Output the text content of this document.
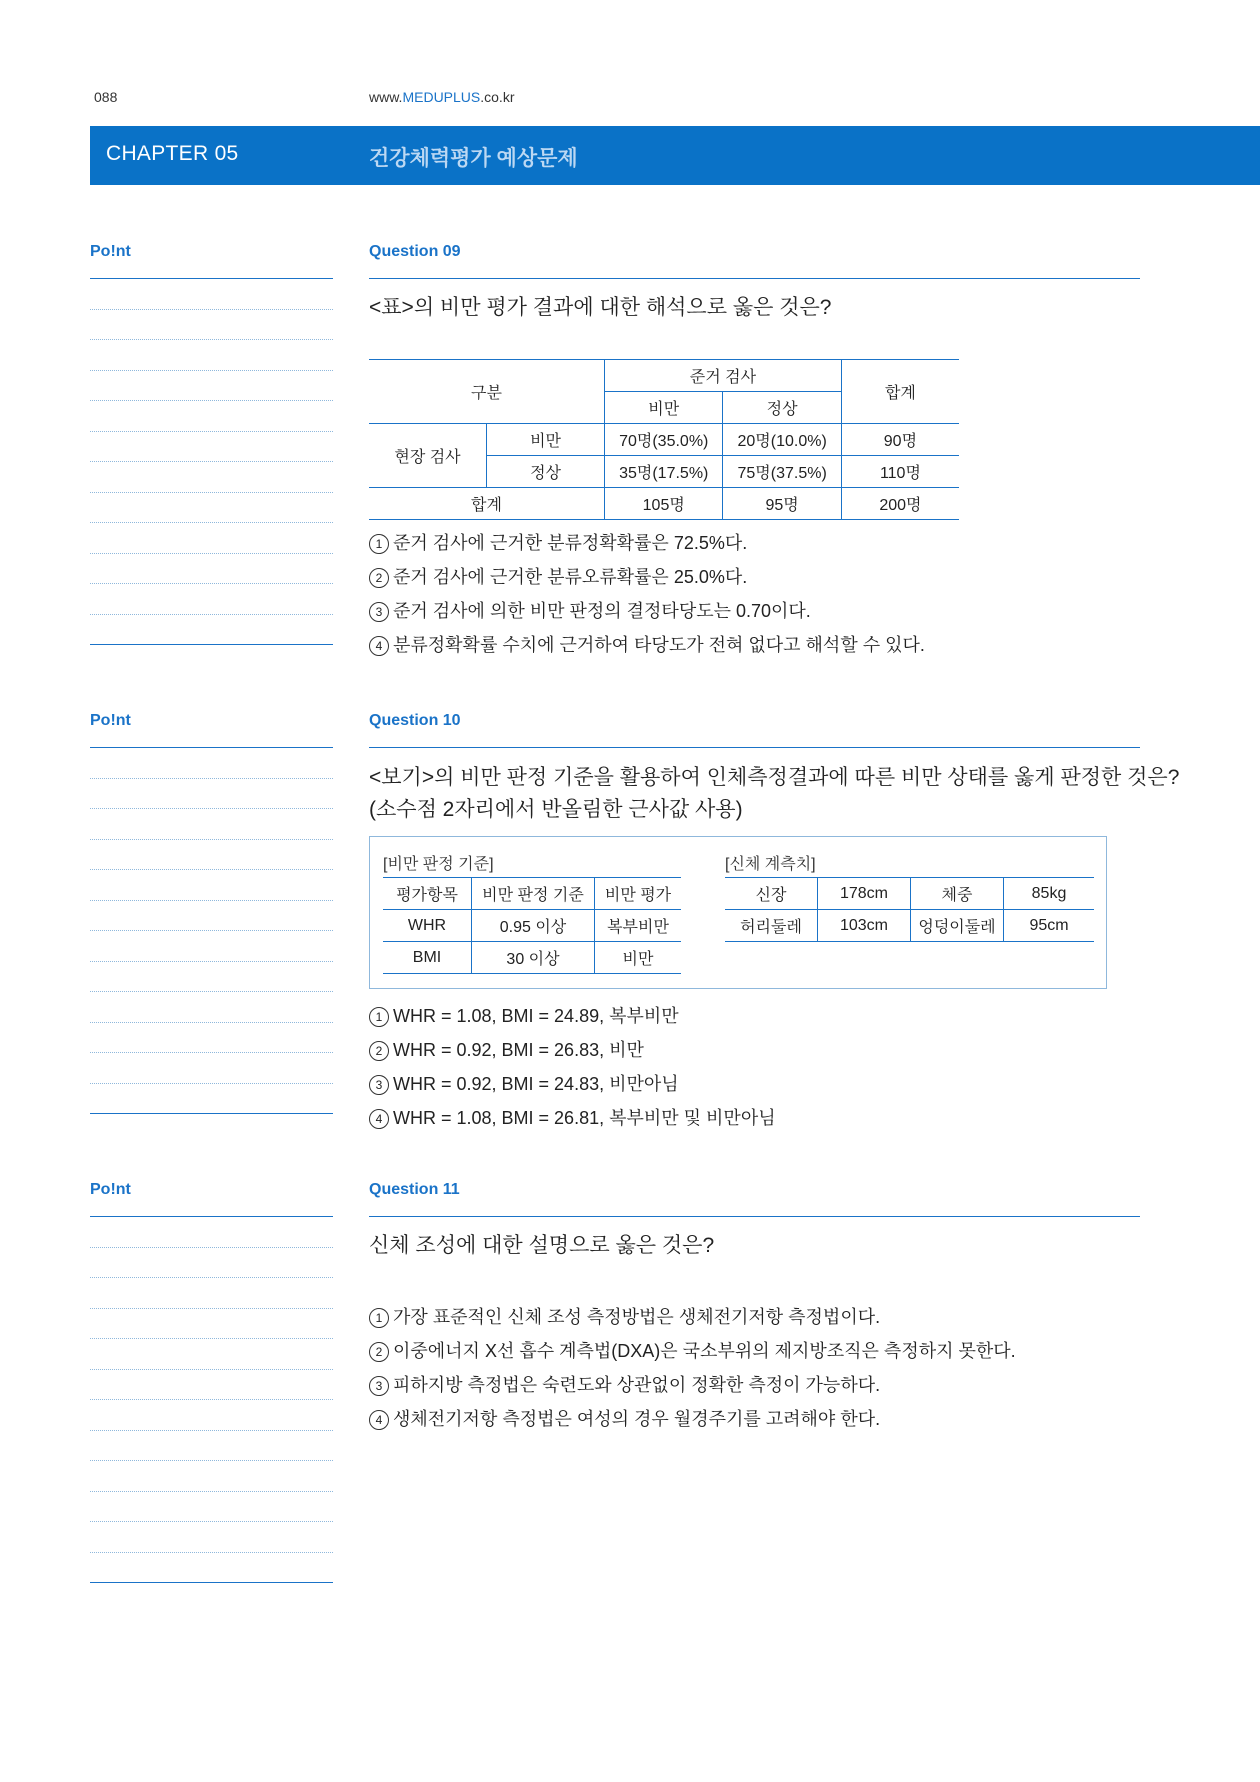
088	www.MEDUPLUS.co.kr
CHAPTER 05	건강체력평가 예상문제
Po!nt	Question 09
<표>의 비만 평가 결과에 대한 해석으로 옳은 것은?
구분		준거 검사		합계
		비만	정상	
현장 검사	비만	70명(35.0%)	20명(10.0%)	90명
	정상	35명(17.5%)	75명(37.5%)	110명
합계		105명	95명	200명
1 준거 검사에 근거한 분류정확확률은 72.5%다.
2 준거 검사에 근거한 분류오류확률은 25.0%다.
3 준거 검사에 의한 비만 판정의 결정타당도는 0.70이다.
4 분류정확확률 수치에 근거하여 타당도가 전혀 없다고 해석할 수 있다.
Po!nt	Question 10
<보기>의 비만 판정 기준을 활용하여 인체측정결과에 따른 비만 상태를 옳게 판정한 것은?
(소수점 2자리에서 반올림한 근사값 사용)
[비만 판정 기준]
평가항목	비만 판정 기준	비만 평가
WHR	0.95 이상	복부비만
BMI	30 이상	비만
[신체 계측치]
신장	178cm	체중	85kg
허리둘레	103cm	엉덩이둘레	95cm
1 WHR = 1.08, BMI = 24.89, 복부비만
2 WHR = 0.92, BMI = 26.83, 비만
3 WHR = 0.92, BMI = 24.83, 비만아님
4 WHR = 1.08, BMI = 26.81, 복부비만 및 비만아님
Po!nt	Question 11
신체 조성에 대한 설명으로 옳은 것은?
1 가장 표준적인 신체 조성 측정방법은 생체전기저항 측정법이다.
2 이중에너지 X선 흡수 계측법(DXA)은 국소부위의 제지방조직은 측정하지 못한다.
3 피하지방 측정법은 숙련도와 상관없이 정확한 측정이 가능하다.
4 생체전기저항 측정법은 여성의 경우 월경주기를 고려해야 한다.
